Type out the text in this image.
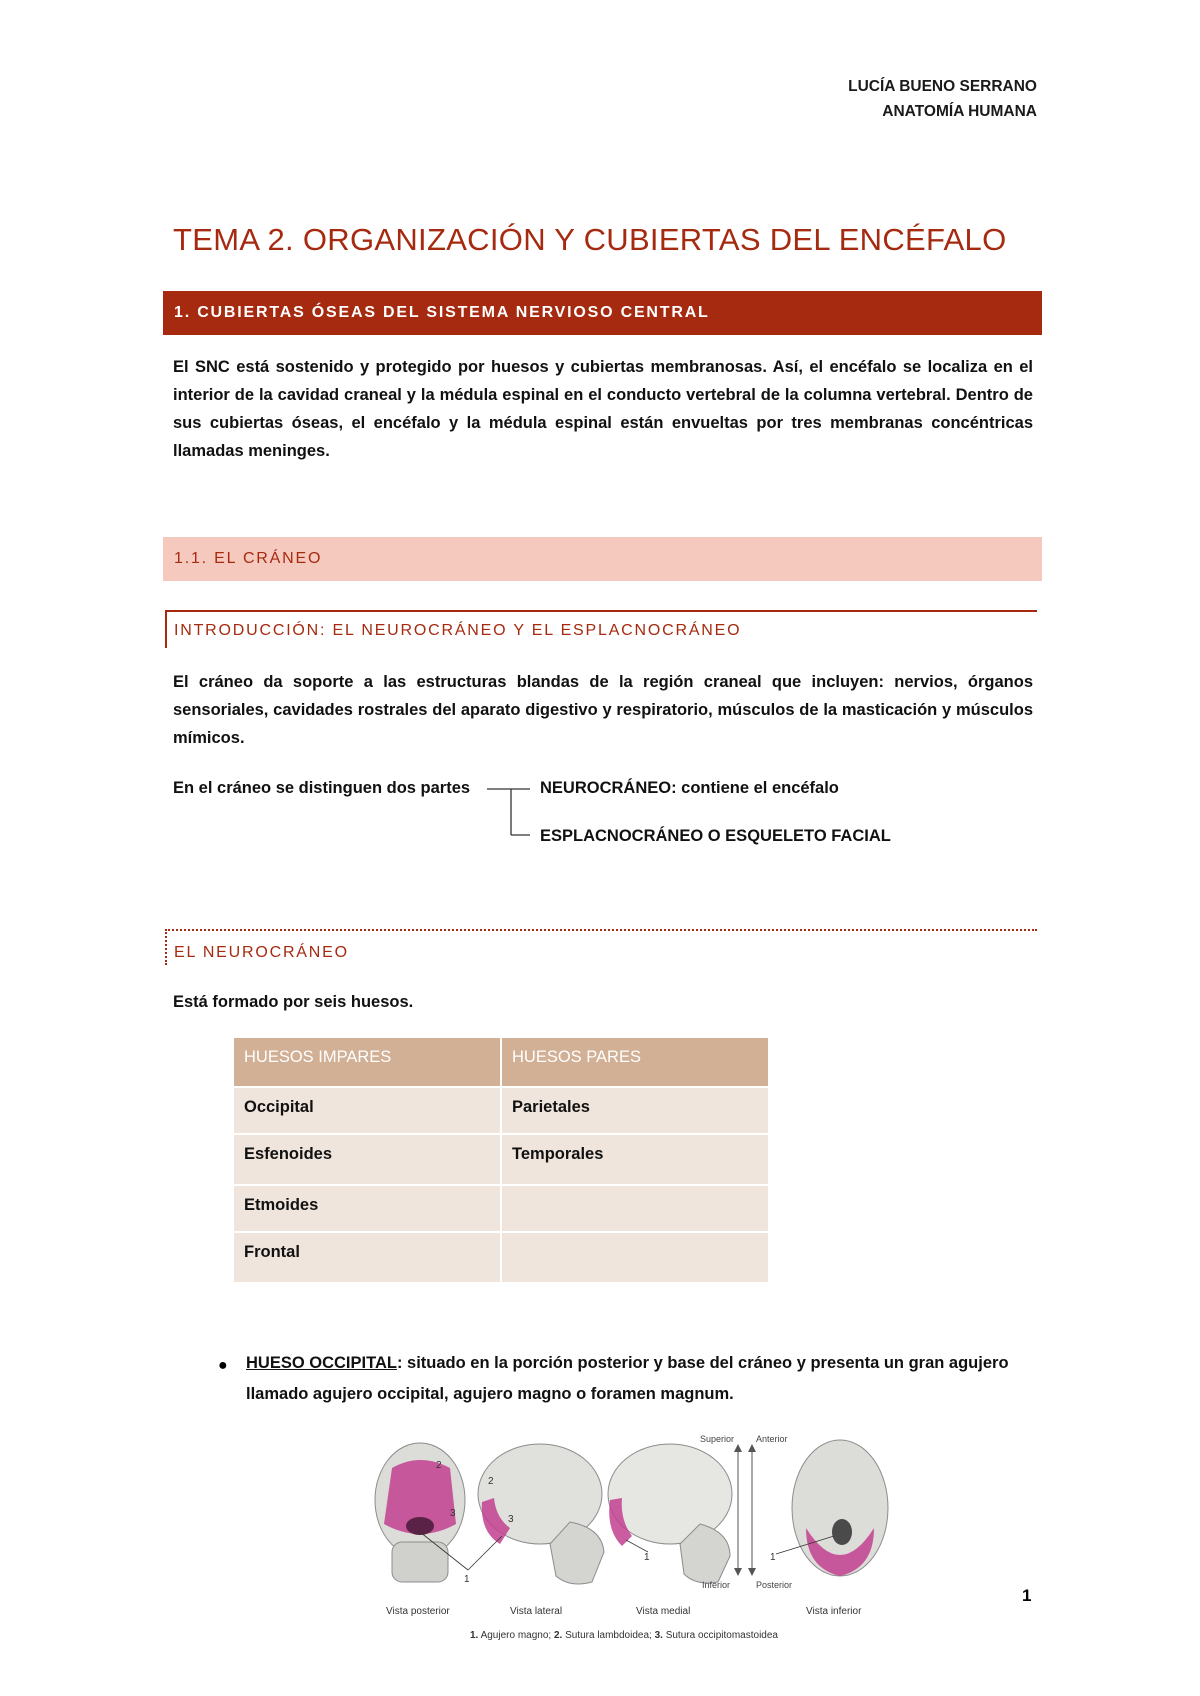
LUCÍA BUENO SERRANO
ANATOMÍA HUMANA
TEMA 2. ORGANIZACIÓN Y CUBIERTAS DEL ENCÉFALO
1. CUBIERTAS ÓSEAS DEL SISTEMA NERVIOSO CENTRAL

El SNC está sostenido y protegido por huesos y cubiertas membranosas. Así, el encéfalo se localiza en el interior de la cavidad craneal y la médula espinal en el conducto vertebral de la columna vertebral. Dentro de sus cubiertas óseas, el encéfalo y la médula espinal están envueltas por tres membranas concéntricas llamadas meninges.

1.1. EL CRÁNEO
INTRODUCCIÓN: EL NEUROCRÁNEO Y EL ESPLACNOCRÁNEO

El cráneo da soporte a las estructuras blandas de la región craneal que incluyen: nervios, órganos sensoriales, cavidades rostrales del aparato digestivo y respiratorio, músculos de la masticación y músculos mímicos.

En el cráneo se distinguen dos partes	NEUROCRÁNEO: contiene el encéfalo

ESPLACNOCRÁNEO O ESQUELETO FACIAL

EL NEUROCRÁNEO

Está formado por seis huesos.

HUESOS IMPARES	HUESOS PARES
Occipital	Parietales
Esfenoides	Temporales
Etmoides	
Frontal	
● HUESO OCCIPITAL: situado en la porción posterior y base del cráneo y presenta un gran agujero llamado agujero occipital, agujero magno o foramen magnum.

2
3
2
3
1
Superior Anterior
Inferior	Posterior
1
1
Vista posterior	Vista lateral	Vista medial	Vista inferior
1. Agujero magno; 2. Sutura lambdoidea; 3. Sutura occipitomastoidea
1
